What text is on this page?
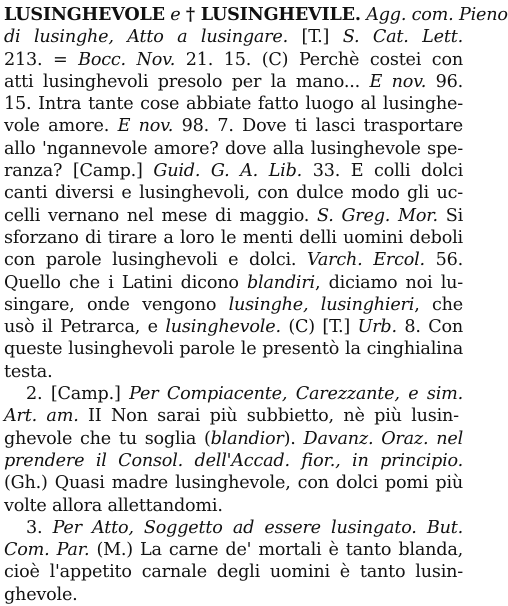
LUSINGHEVOLE e † LUSINGHEVILE. Agg. com. Pieno
di lusinghe, Atto a lusingare. [T.] S. Cat. Lett.
213. = Bocc. Nov. 21. 15. (C) Perchè costei con
atti lusinghevoli presolo per la mano... E nov. 96.
15. Intra tante cose abbiate fatto luogo al lusinghe-
vole amore. E nov. 98. 7. Dove ti lasci trasportare
allo 'ngannevole amore? dove alla lusinghevole spe-
ranza? [Camp.] Guid. G. A. Lib. 33. E colli dolci
canti diversi e lusinghevoli, con dulce modo gli uc-
celli vernano nel mese di maggio. S. Greg. Mor. Si
sforzano di tirare a loro le menti delli uomini deboli
con parole lusinghevoli e dolci. Varch. Ercol. 56.
Quello che i Latini dicono blandiri, diciamo noi lu-
singare, onde vengono lusinghe, lusinghieri, che
usò il Petrarca, e lusinghevole. (C) [T.] Urb. 8. Con
queste lusinghevoli parole le presentò la cinghialina
testa.
2. [Camp.] Per Compiacente, Carezzante, e sim.
Art. am. II Non sarai più subbietto, nè più lusin-
ghevole che tu soglia (blandior). Davanz. Oraz. nel
prendere il Consol. dell'Accad. fior., in principio.
(Gh.) Quasi madre lusinghevole, con dolci pomi più
volte allora allettandomi.
3. Per Atto, Soggetto ad essere lusingato. But.
Com. Par. (M.) La carne de' mortali è tanto blanda,
cioè l'appetito carnale degli uomini è tanto lusin-
ghevole.
